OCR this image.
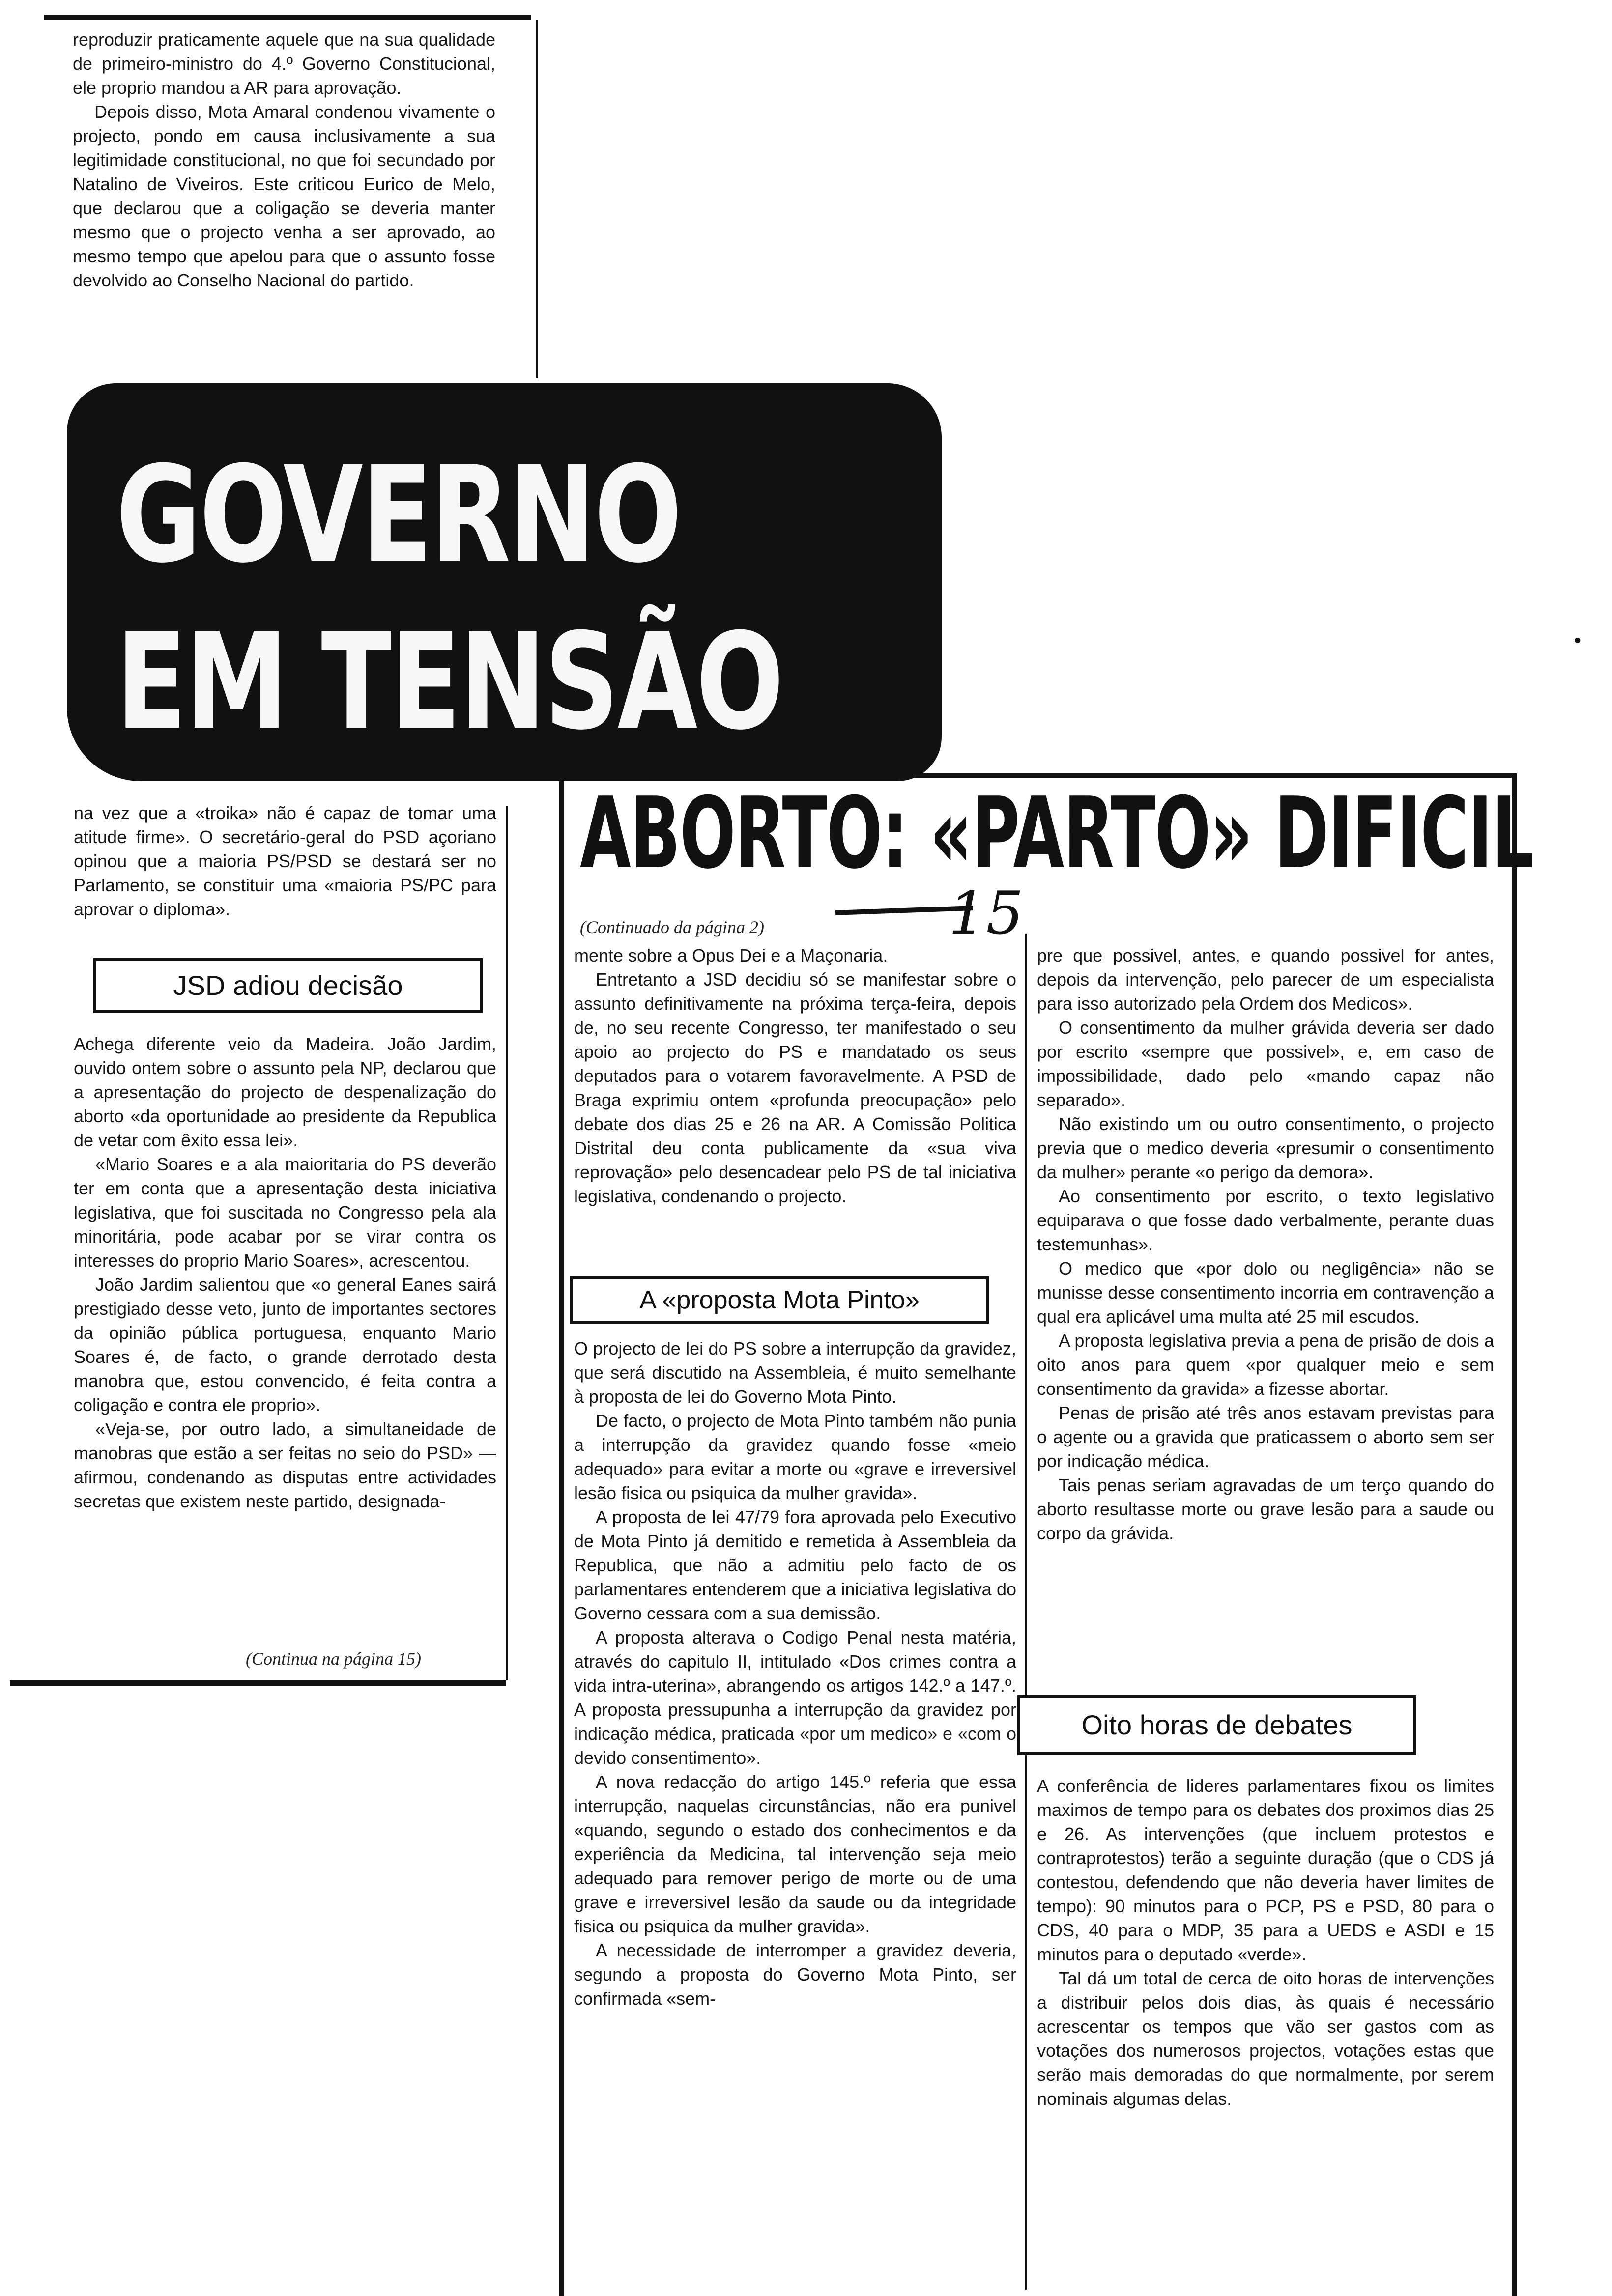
reproduzir praticamente aquele que na sua qualidade de primeiro-ministro do 4.º Governo Constitucional, ele proprio mandou a AR para aprovação.

Depois disso, Mota Amaral condenou vivamente o projecto, pondo em causa inclusivamente a sua legitimidade constitucional, no que foi secundado por Natalino de Viveiros. Este criticou Eurico de Melo, que declarou que a coligação se deveria manter mesmo que o projecto venha a ser aprovado, ao mesmo tempo que apelou para que o assunto fosse devolvido ao Conselho Nacional do partido.

GOVERNO
EM TENSÃO

na vez que a «troika» não é capaz de tomar uma atitude firme». O secretário-geral do PSD açoriano opinou que a maioria PS/PSD se destará ser no Parlamento, se constituir uma «maioria PS/PC para aprovar o diploma».

JSD adiou decisão

Achega diferente veio da Madeira. João Jardim, ouvido ontem sobre o assunto pela NP, declarou que a apresentação do projecto de despenalização do aborto «da oportunidade ao presidente da Republica de vetar com êxito essa lei».

«Mario Soares e a ala maioritaria do PS deverão ter em conta que a apresentação desta iniciativa legislativa, que foi suscitada no Congresso pela ala minoritária, pode acabar por se virar contra os interesses do proprio Mario Soares», acrescentou.

João Jardim salientou que «o general Eanes sairá prestigiado desse veto, junto de importantes sectores da opinião pública portuguesa, enquanto Mario Soares é, de facto, o grande derrotado desta manobra que, estou convencido, é feita contra a coligação e contra ele proprio».

«Veja-se, por outro lado, a simultaneidade de manobras que estão a ser feitas no seio do PSD» — afirmou, condenando as disputas entre actividades secretas que existem neste partido, designada-

(Continua na página 15)
ABORTO: «PARTO» DIFICIL
15
(Continuado da página 2)

mente sobre a Opus Dei e a Maçonaria.

Entretanto a JSD decidiu só se manifestar sobre o assunto definitivamente na próxima terça-feira, depois de, no seu recente Congresso, ter manifestado o seu apoio ao projecto do PS e mandatado os seus deputados para o votarem favoravelmente. A PSD de Braga exprimiu ontem «profunda preocupação» pelo debate dos dias 25 e 26 na AR. A Comissão Politica Distrital deu conta publicamente da «sua viva reprovação» pelo desencadear pelo PS de tal iniciativa legislativa, condenando o projecto.

A «proposta Mota Pinto»

O projecto de lei do PS sobre a interrupção da gravidez, que será discutido na Assembleia, é muito semelhante à proposta de lei do Governo Mota Pinto.

De facto, o projecto de Mota Pinto também não punia a interrupção da gravidez quando fosse «meio adequado» para evitar a morte ou «grave e irreversivel lesão fisica ou psiquica da mulher gravida».

A proposta de lei 47/79 fora aprovada pelo Executivo de Mota Pinto já demitido e remetida à Assembleia da Republica, que não a admitiu pelo facto de os parlamentares entenderem que a iniciativa legislativa do Governo cessara com a sua demissão.

A proposta alterava o Codigo Penal nesta matéria, através do capitulo II, intitulado «Dos crimes contra a vida intra-uterina», abrangendo os artigos 142.º a 147.º. A proposta pressupunha a interrupção da gravidez por indicação médica, praticada «por um medico» e «com o devido consentimento».

A nova redacção do artigo 145.º referia que essa interrupção, naquelas circunstâncias, não era punivel «quando, segundo o estado dos conhecimentos e da experiência da Medicina, tal intervenção seja meio adequado para remover perigo de morte ou de uma grave e irreversivel lesão da saude ou da integridade fisica ou psiquica da mulher gravida».

A necessidade de interromper a gravidez deveria, segundo a proposta do Governo Mota Pinto, ser confirmada «sem-

pre que possivel, antes, e quando possivel for antes, depois da intervenção, pelo parecer de um especialista para isso autorizado pela Ordem dos Medicos».

O consentimento da mulher grávida deveria ser dado por escrito «sempre que possivel», e, em caso de impossibilidade, dado pelo «mando capaz não separado».

Não existindo um ou outro consentimento, o projecto previa que o medico deveria «presumir o consentimento da mulher» perante «o perigo da demora».

Ao consentimento por escrito, o texto legislativo equiparava o que fosse dado verbalmente, perante duas testemunhas».

O medico que «por dolo ou negligência» não se munisse desse consentimento incorria em contravenção a qual era aplicável uma multa até 25 mil escudos.

A proposta legislativa previa a pena de prisão de dois a oito anos para quem «por qualquer meio e sem consentimento da gravida» a fizesse abortar.

Penas de prisão até três anos estavam previstas para o agente ou a gravida que praticassem o aborto sem ser por indicação médica.

Tais penas seriam agravadas de um terço quando do aborto resultasse morte ou grave lesão para a saude ou corpo da grávida.

Oito horas de debates

A conferência de lideres parlamentares fixou os limites maximos de tempo para os debates dos proximos dias 25 e 26. As intervenções (que incluem protestos e contraprotestos) terão a seguinte duração (que o CDS já contestou, defendendo que não deveria haver limites de tempo): 90 minutos para o PCP, PS e PSD, 80 para o CDS, 40 para o MDP, 35 para a UEDS e ASDI e 15 minutos para o deputado «verde».

Tal dá um total de cerca de oito horas de intervenções a distribuir pelos dois dias, às quais é necessário acrescentar os tempos que vão ser gastos com as votações dos numerosos projectos, votações estas que serão mais demoradas do que normalmente, por serem nominais algumas delas.

∙
